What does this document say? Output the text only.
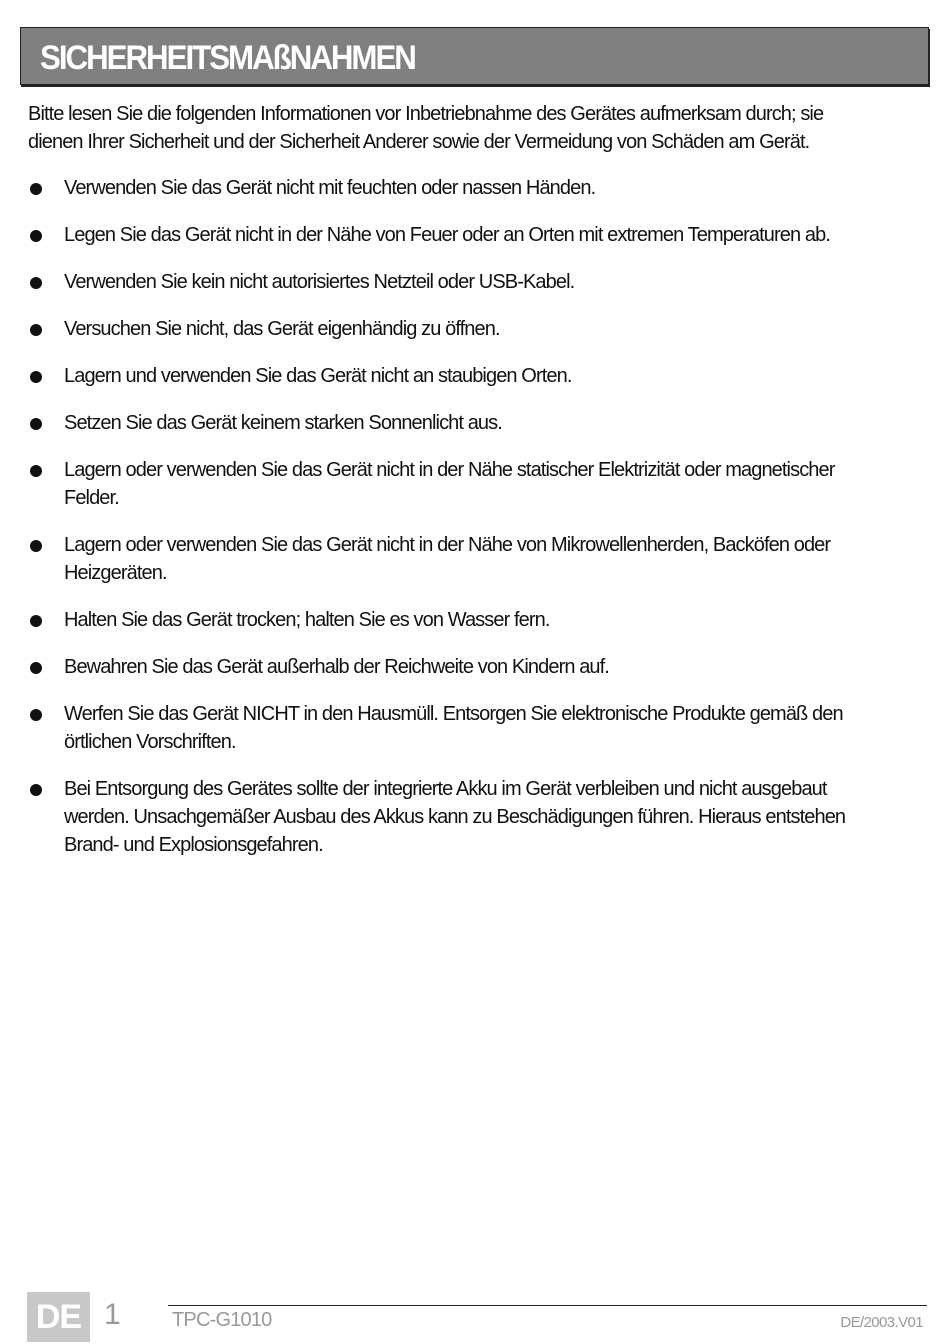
SICHERHEITSMAßNAHMEN
Bitte lesen Sie die folgenden Informationen vor Inbetriebnahme des Gerätes aufmerksam durch; sie
dienen Ihrer Sicherheit und der Sicherheit Anderer sowie der Vermeidung von Schäden am Gerät.
Verwenden Sie das Gerät nicht mit feuchten oder nassen Händen.
Legen Sie das Gerät nicht in der Nähe von Feuer oder an Orten mit extremen Temperaturen ab.
Verwenden Sie kein nicht autorisiertes Netzteil oder USB-Kabel.
Versuchen Sie nicht, das Gerät eigenhändig zu öffnen.
Lagern und verwenden Sie das Gerät nicht an staubigen Orten.
Setzen Sie das Gerät keinem starken Sonnenlicht aus.
Lagern oder verwenden Sie das Gerät nicht in der Nähe statischer Elektrizität oder magnetischer
Felder.
Lagern oder verwenden Sie das Gerät nicht in der Nähe von Mikrowellenherden, Backöfen oder
Heizgeräten.
Halten Sie das Gerät trocken; halten Sie es von Wasser fern.
Bewahren Sie das Gerät außerhalb der Reichweite von Kindern auf.
Werfen Sie das Gerät NICHT in den Hausmüll. Entsorgen Sie elektronische Produkte gemäß den
örtlichen Vorschriften.
Bei Entsorgung des Gerätes sollte der integrierte Akku im Gerät verbleiben und nicht ausgebaut
werden. Unsachgemäßer Ausbau des Akkus kann zu Beschädigungen führen. Hieraus entstehen
Brand- und Explosionsgefahren.
DE 1	TPC-G1010	DE/2003.V01
